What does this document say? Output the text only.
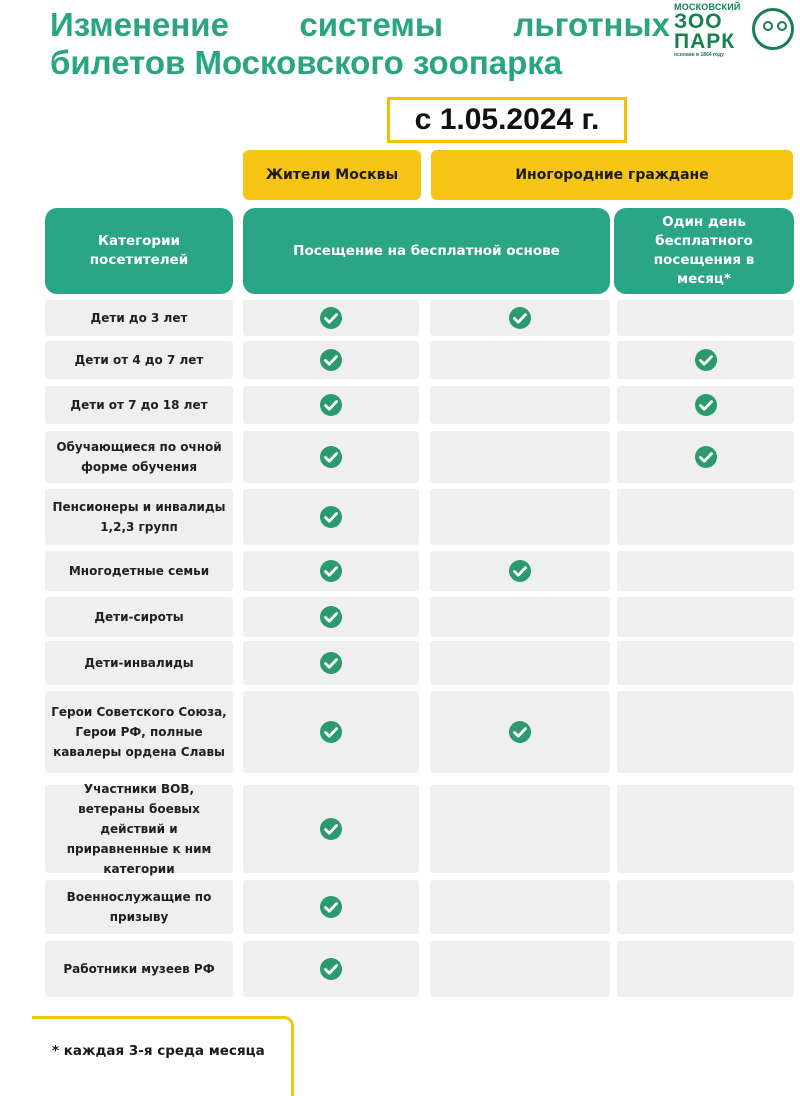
Изменение системы льготных
билетов Московского зоопарка
МОСКОВСКИЙ
ЗОО
ПАРК
основан в 1864 году
с 1.05.2024 г.
Жители Москвы	Иногородние граждане
Категории посетителей
Посещение на бесплатной основе
Один день бесплатного посещения в месяц*
Дети до 3 лет
Дети от 4 до 7 лет
Дети от 7 до 18 лет
Обучающиеся по очной форме обучения
Пенсионеры и инвалиды 1,2,3 групп
Многодетные семьи
Дети-сироты
Дети-инвалиды
Герои Советского Союза, Герои РФ, полные кавалеры ордена Славы
Участники ВОВ, ветераны боевых действий и приравненные к ним категории
Военнослужащие по призыву
Работники музеев РФ
* каждая 3-я среда месяца
